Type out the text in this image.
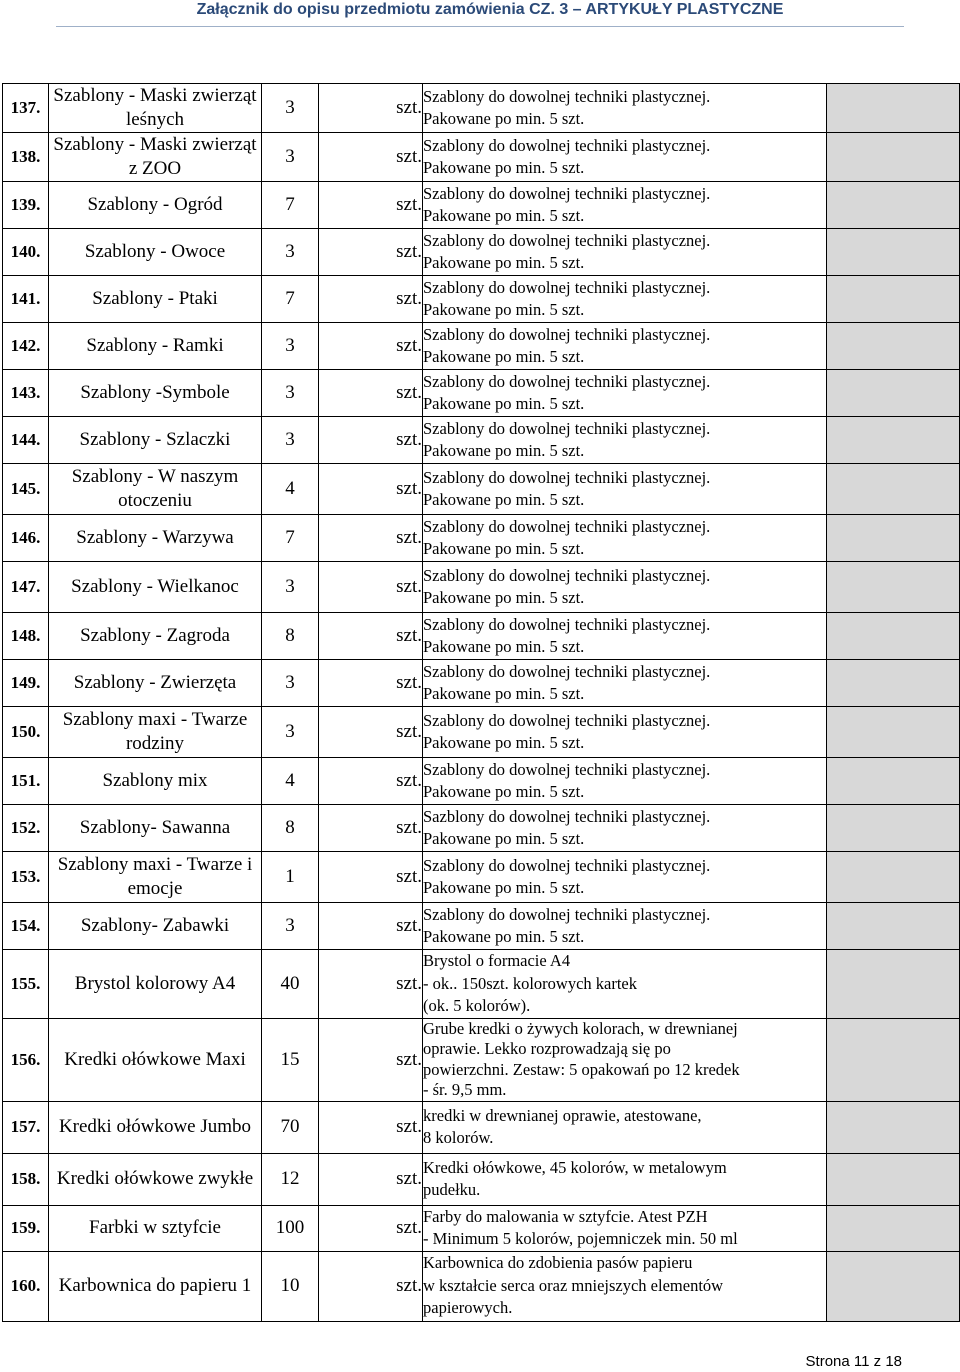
Załącznik do opisu przedmiotu zamówienia CZ. 3 – ARTYKUŁY PLASTYCZNE
137.	Szablony - Maski zwierząt leśnych	3	szt.	Szablony do dowolnej techniki plastycznej.
Pakowane po min. 5 szt.	
138.	Szablony - Maski zwierząt z ZOO	3	szt.	Szablony do dowolnej techniki plastycznej.
Pakowane po min. 5 szt.	
139.	Szablony - Ogród	7	szt.	Szablony do dowolnej techniki plastycznej.
Pakowane po min. 5 szt.	
140.	Szablony - Owoce	3	szt.	Szablony do dowolnej techniki plastycznej.
Pakowane po min. 5 szt.	
141.	Szablony - Ptaki	7	szt.	Szablony do dowolnej techniki plastycznej.
Pakowane po min. 5 szt.	
142.	Szablony - Ramki	3	szt.	Szablony do dowolnej techniki plastycznej.
Pakowane po min. 5 szt.	
143.	Szablony -Symbole	3	szt.	Szablony do dowolnej techniki plastycznej.
Pakowane po min. 5 szt.	
144.	Szablony - Szlaczki	3	szt.	Szablony do dowolnej techniki plastycznej.
Pakowane po min. 5 szt.	
145.	Szablony - W naszym otoczeniu	4	szt.	Szablony do dowolnej techniki plastycznej.
Pakowane po min. 5 szt.	
146.	Szablony - Warzywa	7	szt.	Szablony do dowolnej techniki plastycznej.
Pakowane po min. 5 szt.	
147.	Szablony - Wielkanoc	3	szt.	Szablony do dowolnej techniki plastycznej.
Pakowane po min. 5 szt.	
148.	Szablony - Zagroda	8	szt.	Szablony do dowolnej techniki plastycznej.
Pakowane po min. 5 szt.	
149.	Szablony - Zwierzęta	3	szt.	Szablony do dowolnej techniki plastycznej.
Pakowane po min. 5 szt.	
150.	Szablony maxi - Twarze rodziny	3	szt.	Szablony do dowolnej techniki plastycznej.
Pakowane po min. 5 szt.	
151.	Szablony mix	4	szt.	Szablony do dowolnej techniki plastycznej.
Pakowane po min. 5 szt.	
152.	Szablony- Sawanna	8	szt.	Sazblony do dowolnej techniki plastycznej.
Pakowane po min. 5 szt.	
153.	Szablony maxi - Twarze i emocje	1	szt.	Szablony do dowolnej techniki plastycznej.
Pakowane po min. 5 szt.	
154.	Szablony- Zabawki	3	szt.	Szablony do dowolnej techniki plastycznej.
Pakowane po min. 5 szt.	
155.	Brystol kolorowy A4	40	szt.	Brystol o formacie A4
- ok.. 150szt. kolorowych kartek
(ok. 5 kolorów).	
156.	Kredki ołówkowe Maxi	15	szt.	Grube kredki o żywych kolorach, w drewnianej
oprawie. Lekko rozprowadzają się po
powierzchni. Zestaw: 5 opakowań po 12 kredek
- śr. 9,5 mm.	
157.	Kredki ołówkowe Jumbo	70	szt.	kredki w drewnianej oprawie, atestowane,
8 kolorów.	
158.	Kredki ołówkowe zwykłe	12	szt.	Kredki ołówkowe, 45 kolorów, w metalowym
pudełku.	
159.	Farbki w sztyfcie	100	szt.	Farby do malowania w sztyfcie. Atest PZH
- Minimum 5 kolorów, pojemniczek min. 50 ml	
160.	Karbownica do papieru 1	10	szt.	Karbownica do zdobienia pasów papieru
w kształcie serca oraz mniejszych elementów
papierowych.	
Strona 11 z 18
